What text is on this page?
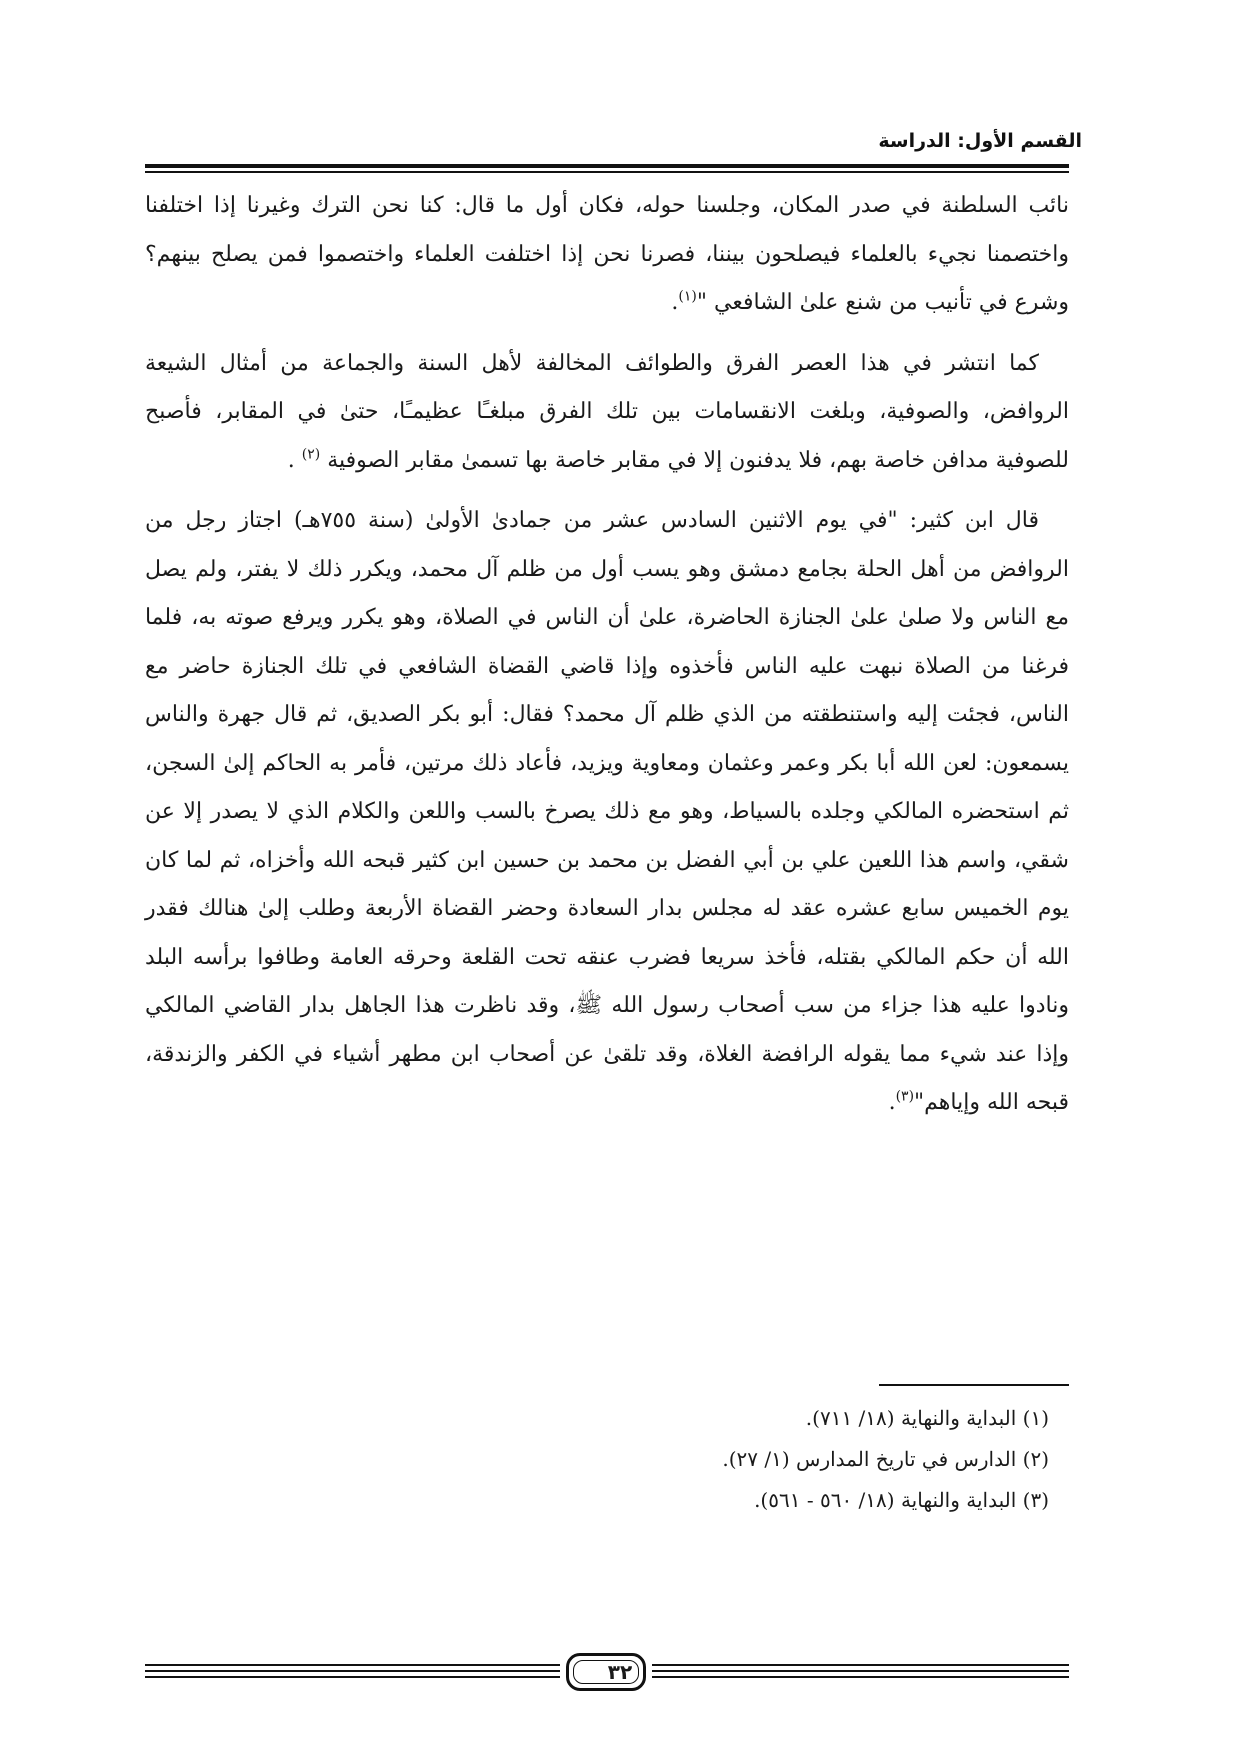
القسم الأول: الدراسة

نائب السلطنة في صدر المكان، وجلسنا حوله، فكان أول ما قال: كنا نحن الترك وغيرنا إذا اختلفنا واختصمنا نجيء بالعلماء فيصلحون بيننا، فصرنا نحن إذا اختلفت العلماء واختصموا فمن يصلح بينهم؟ وشرع في تأنيب من شنع علىٰ الشافعي "$^{(١)}$.

كما انتشر في هذا العصر الفرق والطوائف المخالفة لأهل السنة والجماعة من أمثال الشيعة الروافض، والصوفية، وبلغت الانقسامات بين تلك الفرق مبلغـًا عظيمـًا، حتىٰ في المقابر، فأصبح للصوفية مدافن خاصة بهم، فلا يدفنون إلا في مقابر خاصة بها تسمىٰ مقابر الصوفية $^{(٢)}$ .

قال ابن كثير: "في يوم الاثنين السادس عشر من جمادىٰ الأولىٰ (سنة ٧٥٥هـ) اجتاز رجل من الروافض من أهل الحلة بجامع دمشق وهو يسب أول من ظلم آل محمد، ويكرر ذلك لا يفتر، ولم يصل مع الناس ولا صلىٰ علىٰ الجنازة الحاضرة، علىٰ أن الناس في الصلاة، وهو يكرر ويرفع صوته به، فلما فرغنا من الصلاة نبهت عليه الناس فأخذوه وإذا قاضي القضاة الشافعي في تلك الجنازة حاضر مع الناس، فجئت إليه واستنطقته من الذي ظلم آل محمد؟ فقال: أبو بكر الصديق، ثم قال جهرة والناس يسمعون: لعن الله أبا بكر وعمر وعثمان ومعاوية ويزيد، فأعاد ذلك مرتين، فأمر به الحاكم إلىٰ السجن، ثم استحضره المالكي وجلده بالسياط، وهو مع ذلك يصرخ بالسب واللعن والكلام الذي لا يصدر إلا عن شقي، واسم هذا اللعين علي بن أبي الفضل بن محمد بن حسين ابن كثير قبحه الله وأخزاه، ثم لما كان يوم الخميس سابع عشره عقد له مجلس بدار السعادة وحضر القضاة الأربعة وطلب إلىٰ هنالك فقدر الله أن حكم المالكي بقتله، فأخذ سريعا فضرب عنقه تحت القلعة وحرقه العامة وطافوا برأسه البلد ونادوا عليه هذا جزاء من سب أصحاب رسول الله ﷺ، وقد ناظرت هذا الجاهل بدار القاضي المالكي وإذا عند شيء مما يقوله الرافضة الغلاة، وقد تلقىٰ عن أصحاب ابن مطهر أشياء في الكفر والزندقة، قبحه الله وإياهم"$^{(٣)}$.

(١) البداية والنهاية (١٨/ ٧١١).
(٢) الدارس في تاريخ المدارس (١/ ٢٧).
(٣) البداية والنهاية (١٨/ ٥٦٠ - ٥٦١).
٣٢
